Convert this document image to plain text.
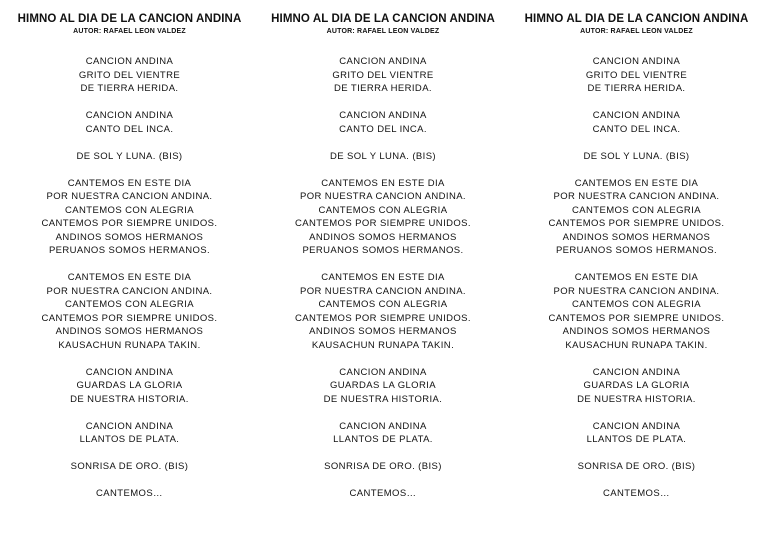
HIMNO AL DIA DE LA CANCION ANDINA
AUTOR: RAFAEL LEON VALDEZ
CANCION ANDINA
GRITO DEL VIENTRE
DE TIERRA HERIDA.
CANCION ANDINA
CANTO DEL INCA.
DE SOL Y LUNA. (BIS)
CANTEMOS EN ESTE DIA
POR NUESTRA CANCION ANDINA.
CANTEMOS CON ALEGRIA
CANTEMOS POR SIEMPRE UNIDOS.
ANDINOS SOMOS HERMANOS
PERUANOS SOMOS HERMANOS.
CANTEMOS EN ESTE DIA
POR NUESTRA CANCION ANDINA.
CANTEMOS CON ALEGRIA
CANTEMOS POR SIEMPRE UNIDOS.
ANDINOS SOMOS HERMANOS
KAUSACHUN RUNAPA TAKIN.
CANCION ANDINA
GUARDAS LA GLORIA
DE NUESTRA HISTORIA.
CANCION ANDINA
LLANTOS DE PLATA.
SONRISA DE ORO. (BIS)
CANTEMOS…
HIMNO AL DIA DE LA CANCION ANDINA
AUTOR: RAFAEL LEON VALDEZ
CANCION ANDINA
GRITO DEL VIENTRE
DE TIERRA HERIDA.
CANCION ANDINA
CANTO DEL INCA.
DE SOL Y LUNA. (BIS)
CANTEMOS EN ESTE DIA
POR NUESTRA CANCION ANDINA.
CANTEMOS CON ALEGRIA
CANTEMOS POR SIEMPRE UNIDOS.
ANDINOS SOMOS HERMANOS
PERUANOS SOMOS HERMANOS.
CANTEMOS EN ESTE DIA
POR NUESTRA CANCION ANDINA.
CANTEMOS CON ALEGRIA
CANTEMOS POR SIEMPRE UNIDOS.
ANDINOS SOMOS HERMANOS
KAUSACHUN RUNAPA TAKIN.
CANCION ANDINA
GUARDAS LA GLORIA
DE NUESTRA HISTORIA.
CANCION ANDINA
LLANTOS DE PLATA.
SONRISA DE ORO. (BIS)
CANTEMOS…
HIMNO AL DIA DE LA CANCION ANDINA
AUTOR: RAFAEL LEON VALDEZ
CANCION ANDINA
GRITO DEL VIENTRE
DE TIERRA HERIDA.
CANCION ANDINA
CANTO DEL INCA.
DE SOL Y LUNA. (BIS)
CANTEMOS EN ESTE DIA
POR NUESTRA CANCION ANDINA.
CANTEMOS CON ALEGRIA
CANTEMOS POR SIEMPRE UNIDOS.
ANDINOS SOMOS HERMANOS
PERUANOS SOMOS HERMANOS.
CANTEMOS EN ESTE DIA
POR NUESTRA CANCION ANDINA.
CANTEMOS CON ALEGRIA
CANTEMOS POR SIEMPRE UNIDOS.
ANDINOS SOMOS HERMANOS
KAUSACHUN RUNAPA TAKIN.
CANCION ANDINA
GUARDAS LA GLORIA
DE NUESTRA HISTORIA.
CANCION ANDINA
LLANTOS DE PLATA.
SONRISA DE ORO. (BIS)
CANTEMOS…
